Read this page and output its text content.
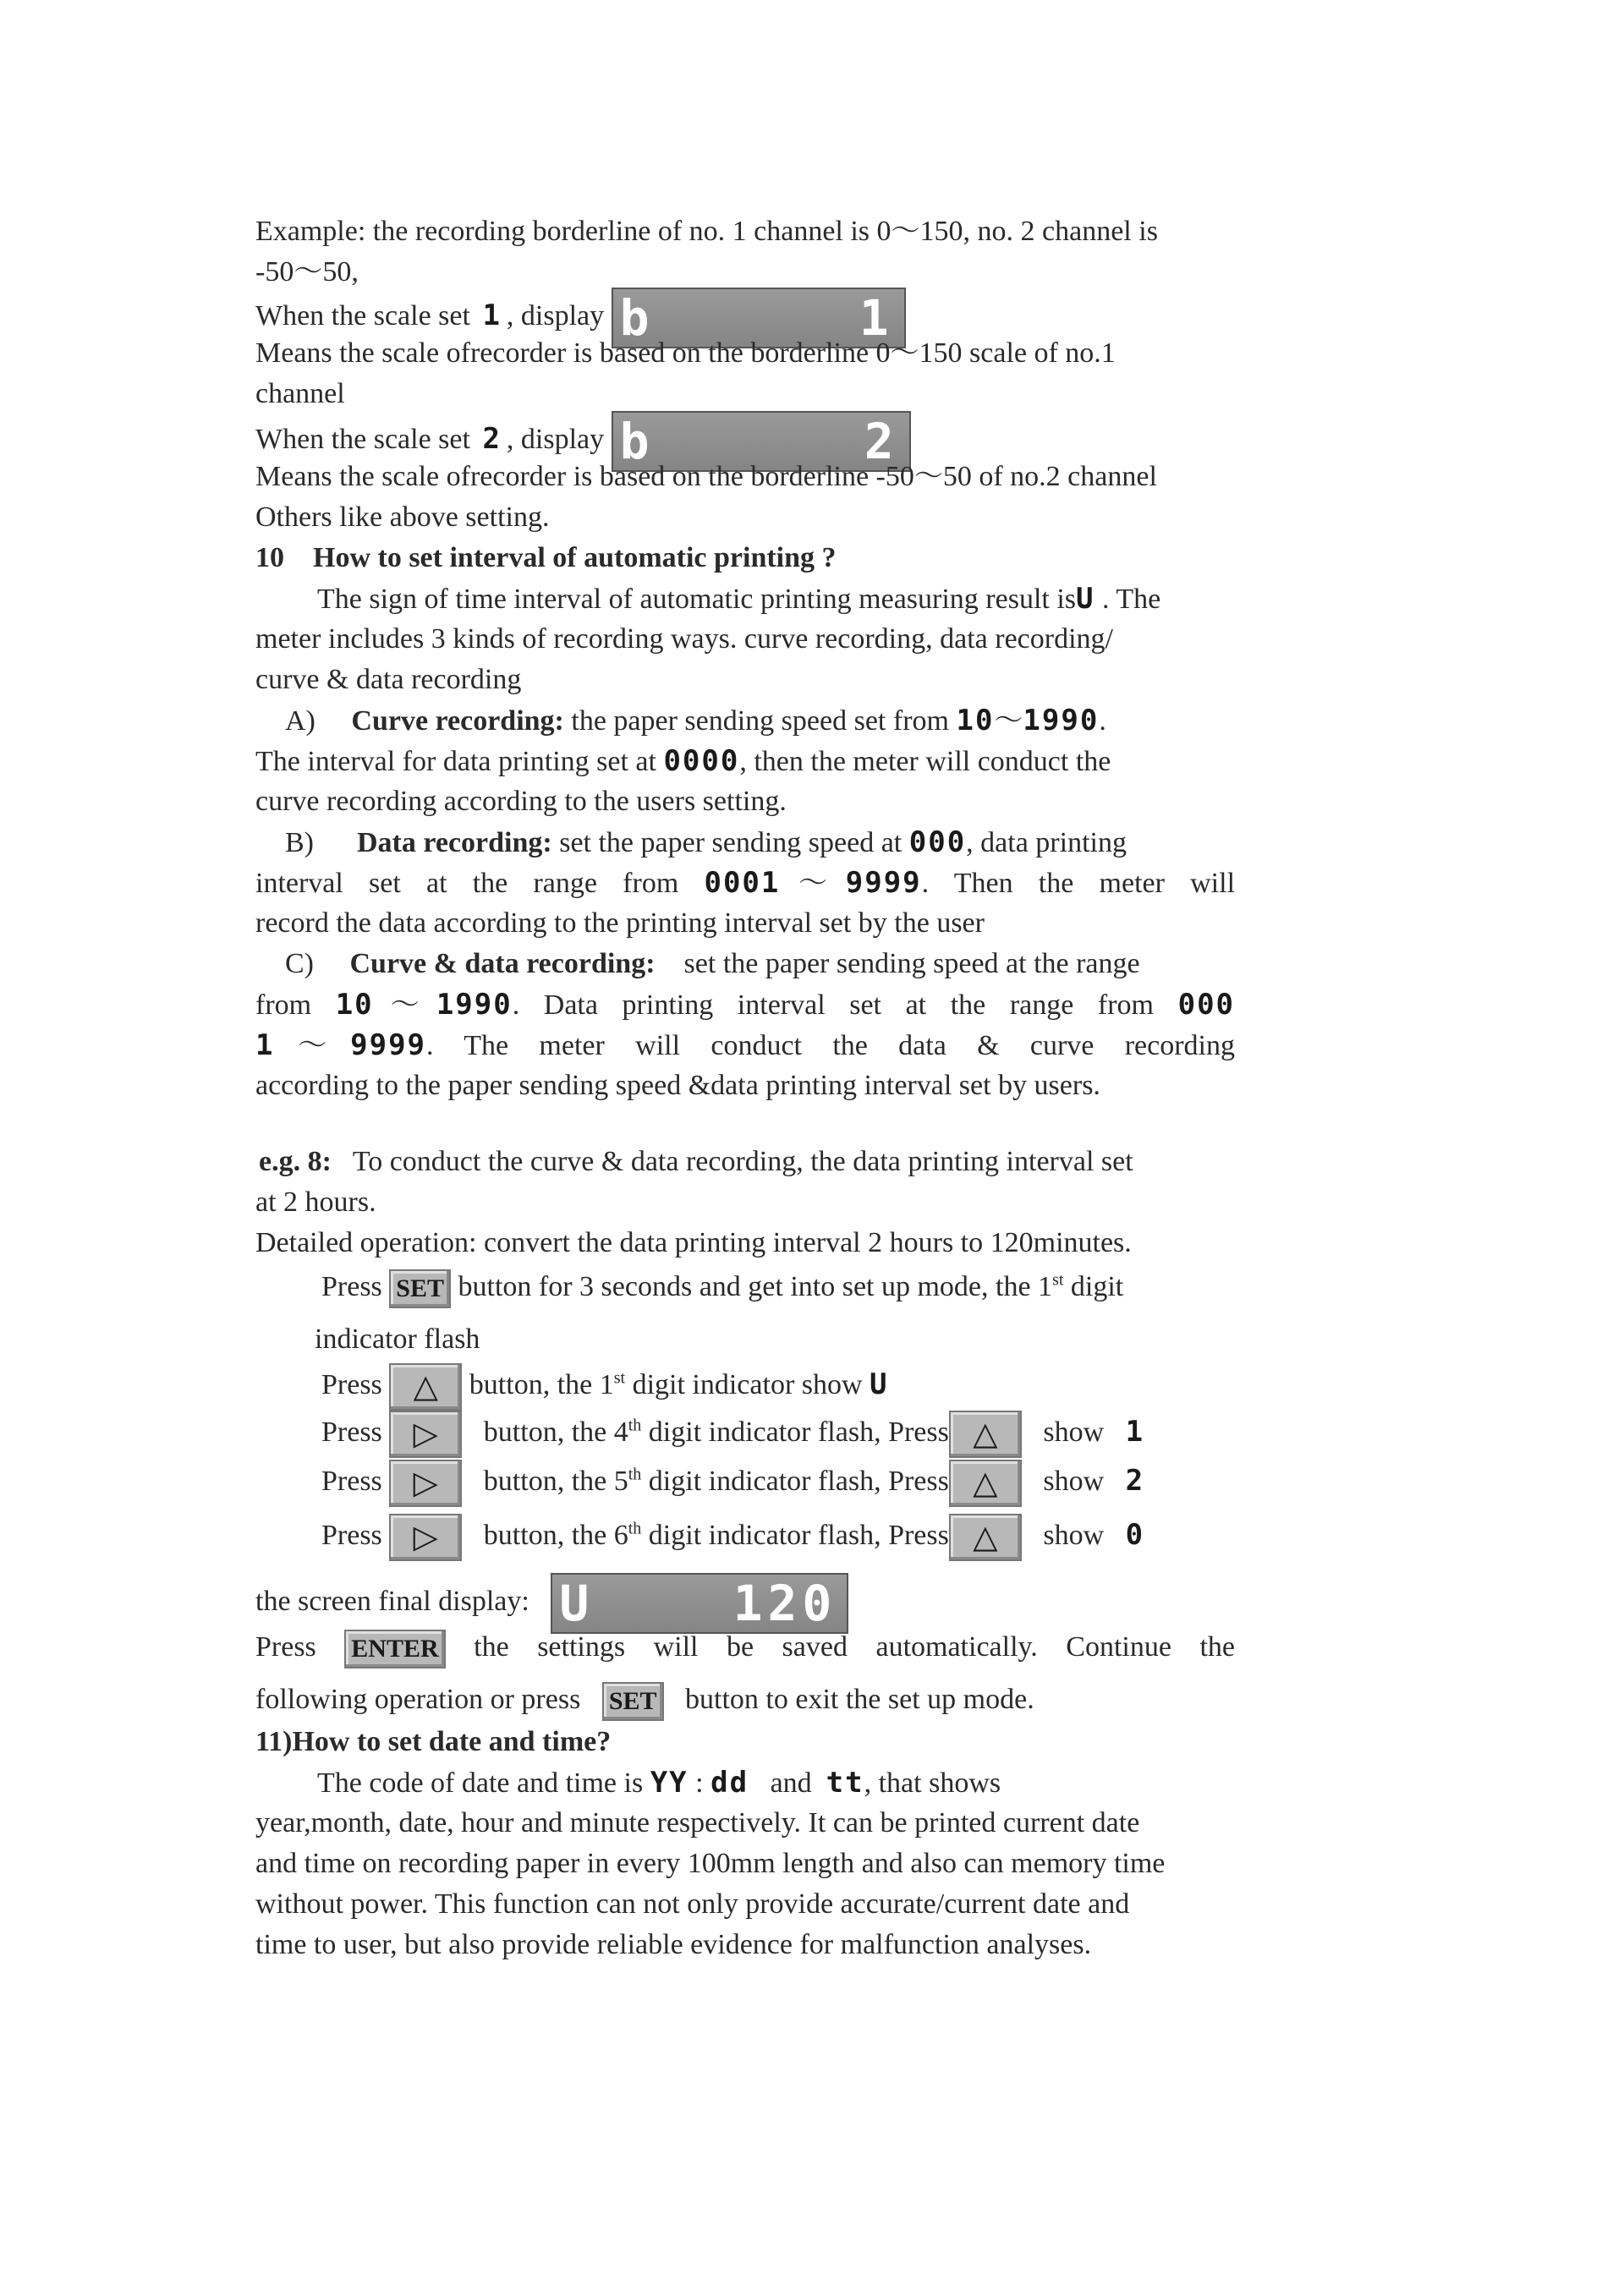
Example: the recording borderline of no. 1 channel is 0～150, no. 2 channel is
-50～50,
When the scale set 1 , display b	1
Means the scale ofrecorder is based on the borderline 0～150 scale of no.1
channel
When the scale set 2 , display b	2
Means the scale ofrecorder is based on the borderline -50～50 of no.2 channel
Others like above setting.
10 How to set interval of automatic printing ?
The sign of time interval of automatic printing measuring result isU . The
meter includes 3 kinds of recording ways. curve recording, data recording/
curve & data recording
A) Curve recording: the paper sending speed set from 10～1990.
The interval for data printing set at 0000, then the meter will conduct the
curve recording according to the users setting.
B) Data recording: set the paper sending speed at 000, data printing
interval set at the range from 0001～9999. Then the meter will
record the data according to the printing interval set by the user
C) Curve & data recording: set the paper sending speed at the range
from 10～1990. Data printing interval set at the range from 000
1～9999. The meter will conduct the data & curve recording
according to the paper sending speed &data printing interval set by users.
e.g. 8: To conduct the curve & data recording, the data printing interval set
at 2 hours.
Detailed operation: convert the data printing interval 2 hours to 120minutes.
Press SET button for 3 seconds and get into set up mode, the 1st digit
indicator flash
Press △ button, the 1st digit indicator show U
Press ▷ button, the 4th digit indicator flash, Press △ show 1
Press ▷ button, the 5th digit indicator flash, Press △ show 2
Press ▷ button, the 6th digit indicator flash, Press △ show 0
the screen final display: U	120
Press ENTER the settings will be saved automatically. Continue the
following operation or press SET button to exit the set up mode.
11)How to set date and time?
The code of date and time is YY : dd and tt, that shows
year,month, date, hour and minute respectively. It can be printed current date
and time on recording paper in every 100mm length and also can memory time
without power. This function can not only provide accurate/current date and
time to user, but also provide reliable evidence for malfunction analyses.
